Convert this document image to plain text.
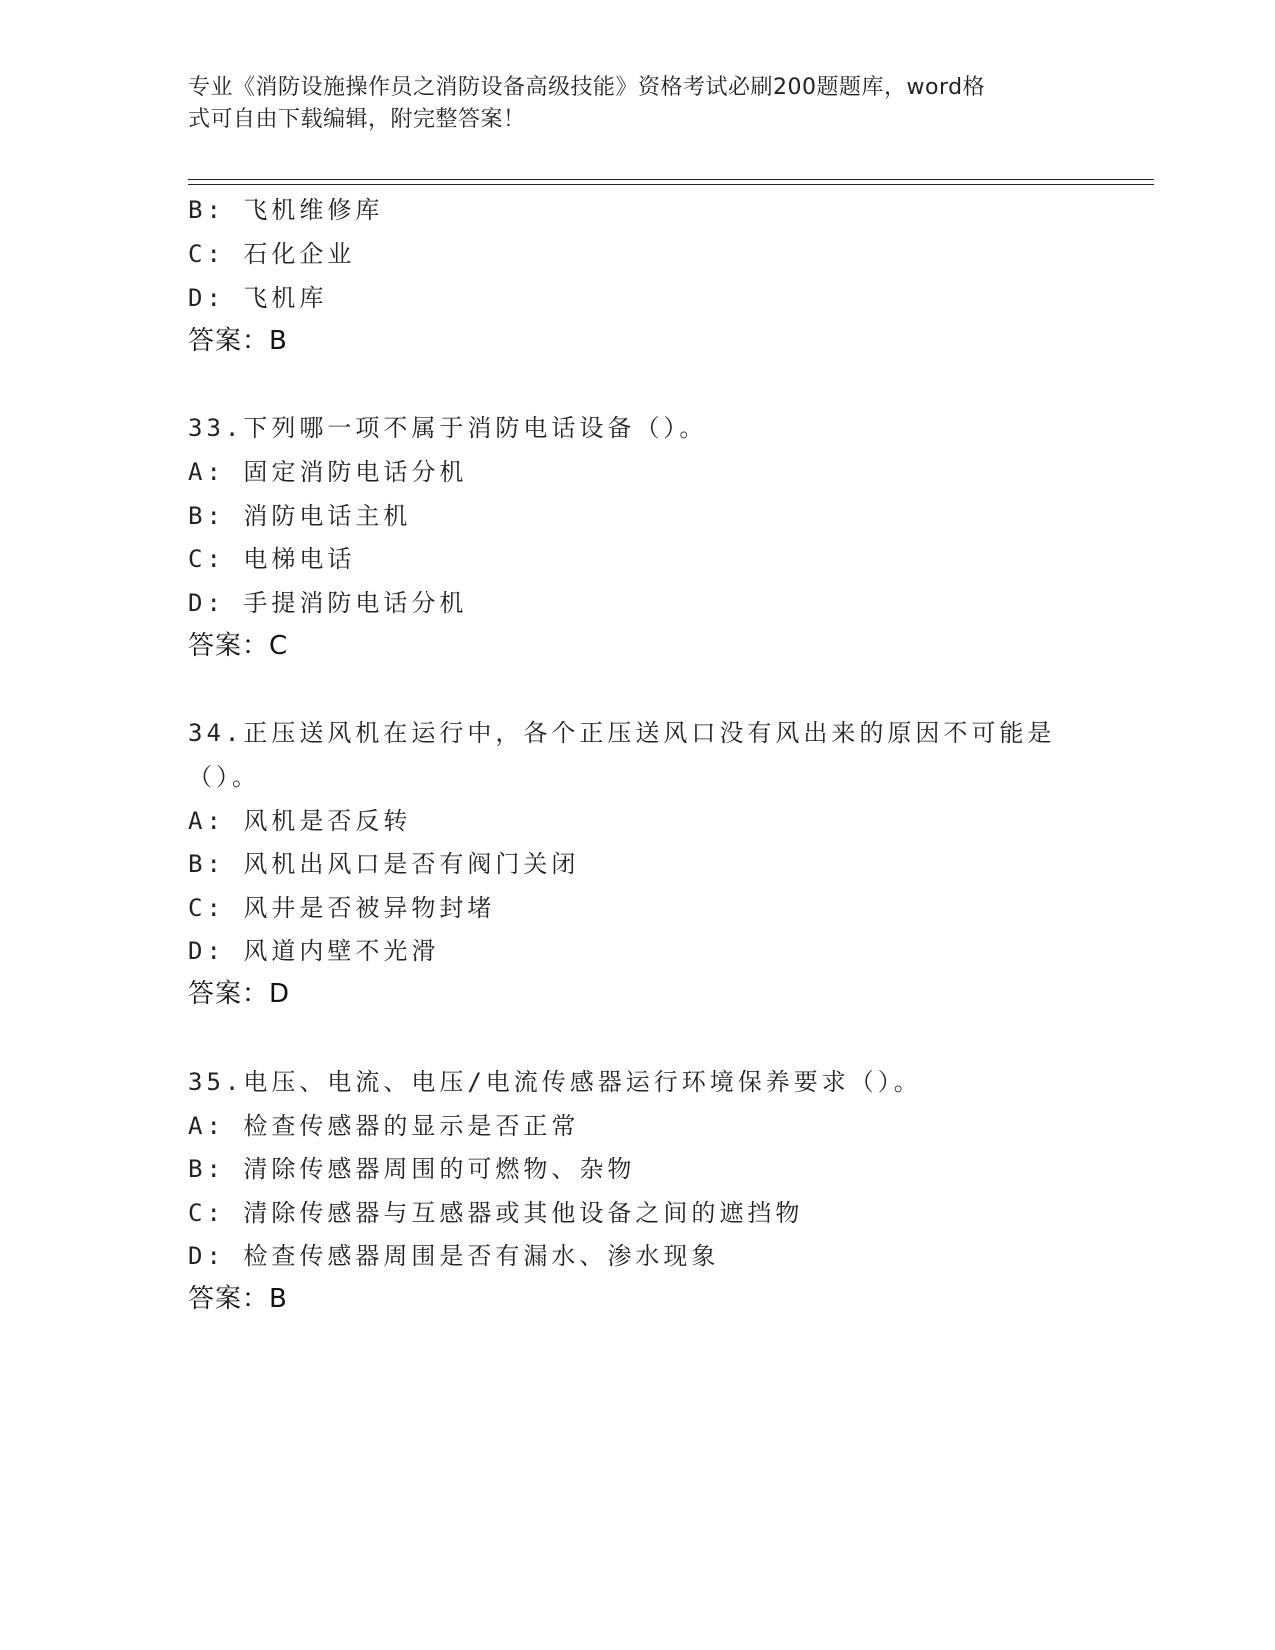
专业《消防设施操作员之消防设备高级技能》资格考试必刷200题题库，word格
式可自由下载编辑，附完整答案！
B: 飞机维修库
C: 石化企业
D: 飞机库
答案：B
33.下列哪一项不属于消防电话设备（）。
A: 固定消防电话分机
B: 消防电话主机
C: 电梯电话
D: 手提消防电话分机
答案：C
34.正压送风机在运行中，各个正压送风口没有风出来的原因不可能是
（）。
A: 风机是否反转
B: 风机出风口是否有阀门关闭
C: 风井是否被异物封堵
D: 风道内壁不光滑
答案：D
35.电压、电流、电压/电流传感器运行环境保养要求（）。
A: 检查传感器的显示是否正常
B: 清除传感器周围的可燃物、杂物
C: 清除传感器与互感器或其他设备之间的遮挡物
D: 检查传感器周围是否有漏水、渗水现象
答案：B
